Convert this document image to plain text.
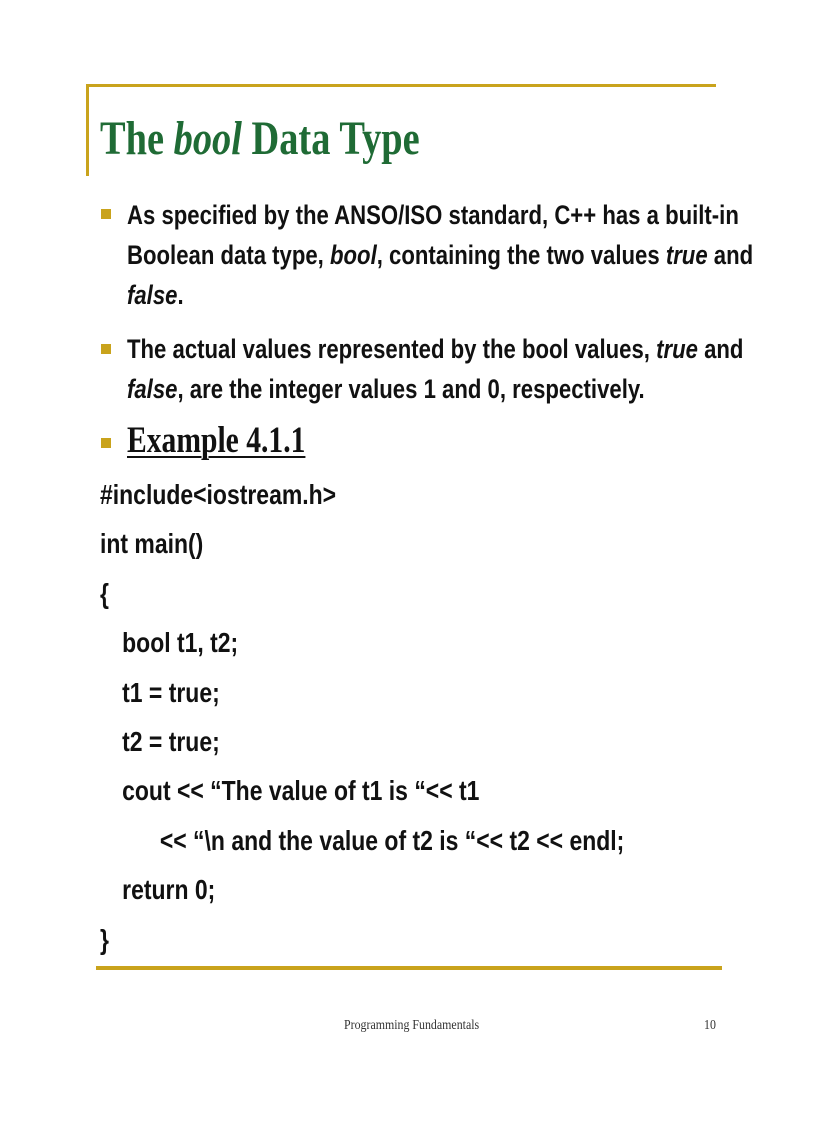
The bool Data Type
As specified by the ANSO/ISO standard, C++ has a built-in
Boolean data type, bool, containing the two values true and
false.
The actual values represented by the bool values, true and
false, are the integer values 1 and 0, respectively.
Example 4.1.1
#include<iostream.h>
int main()
{
bool t1, t2;
t1 = true;
t2 = true;
cout << “The value of t1 is “<< t1
<< “\n and the value of t2 is “<< t2 << endl;
return 0;
}
Programming Fundamentals	10
